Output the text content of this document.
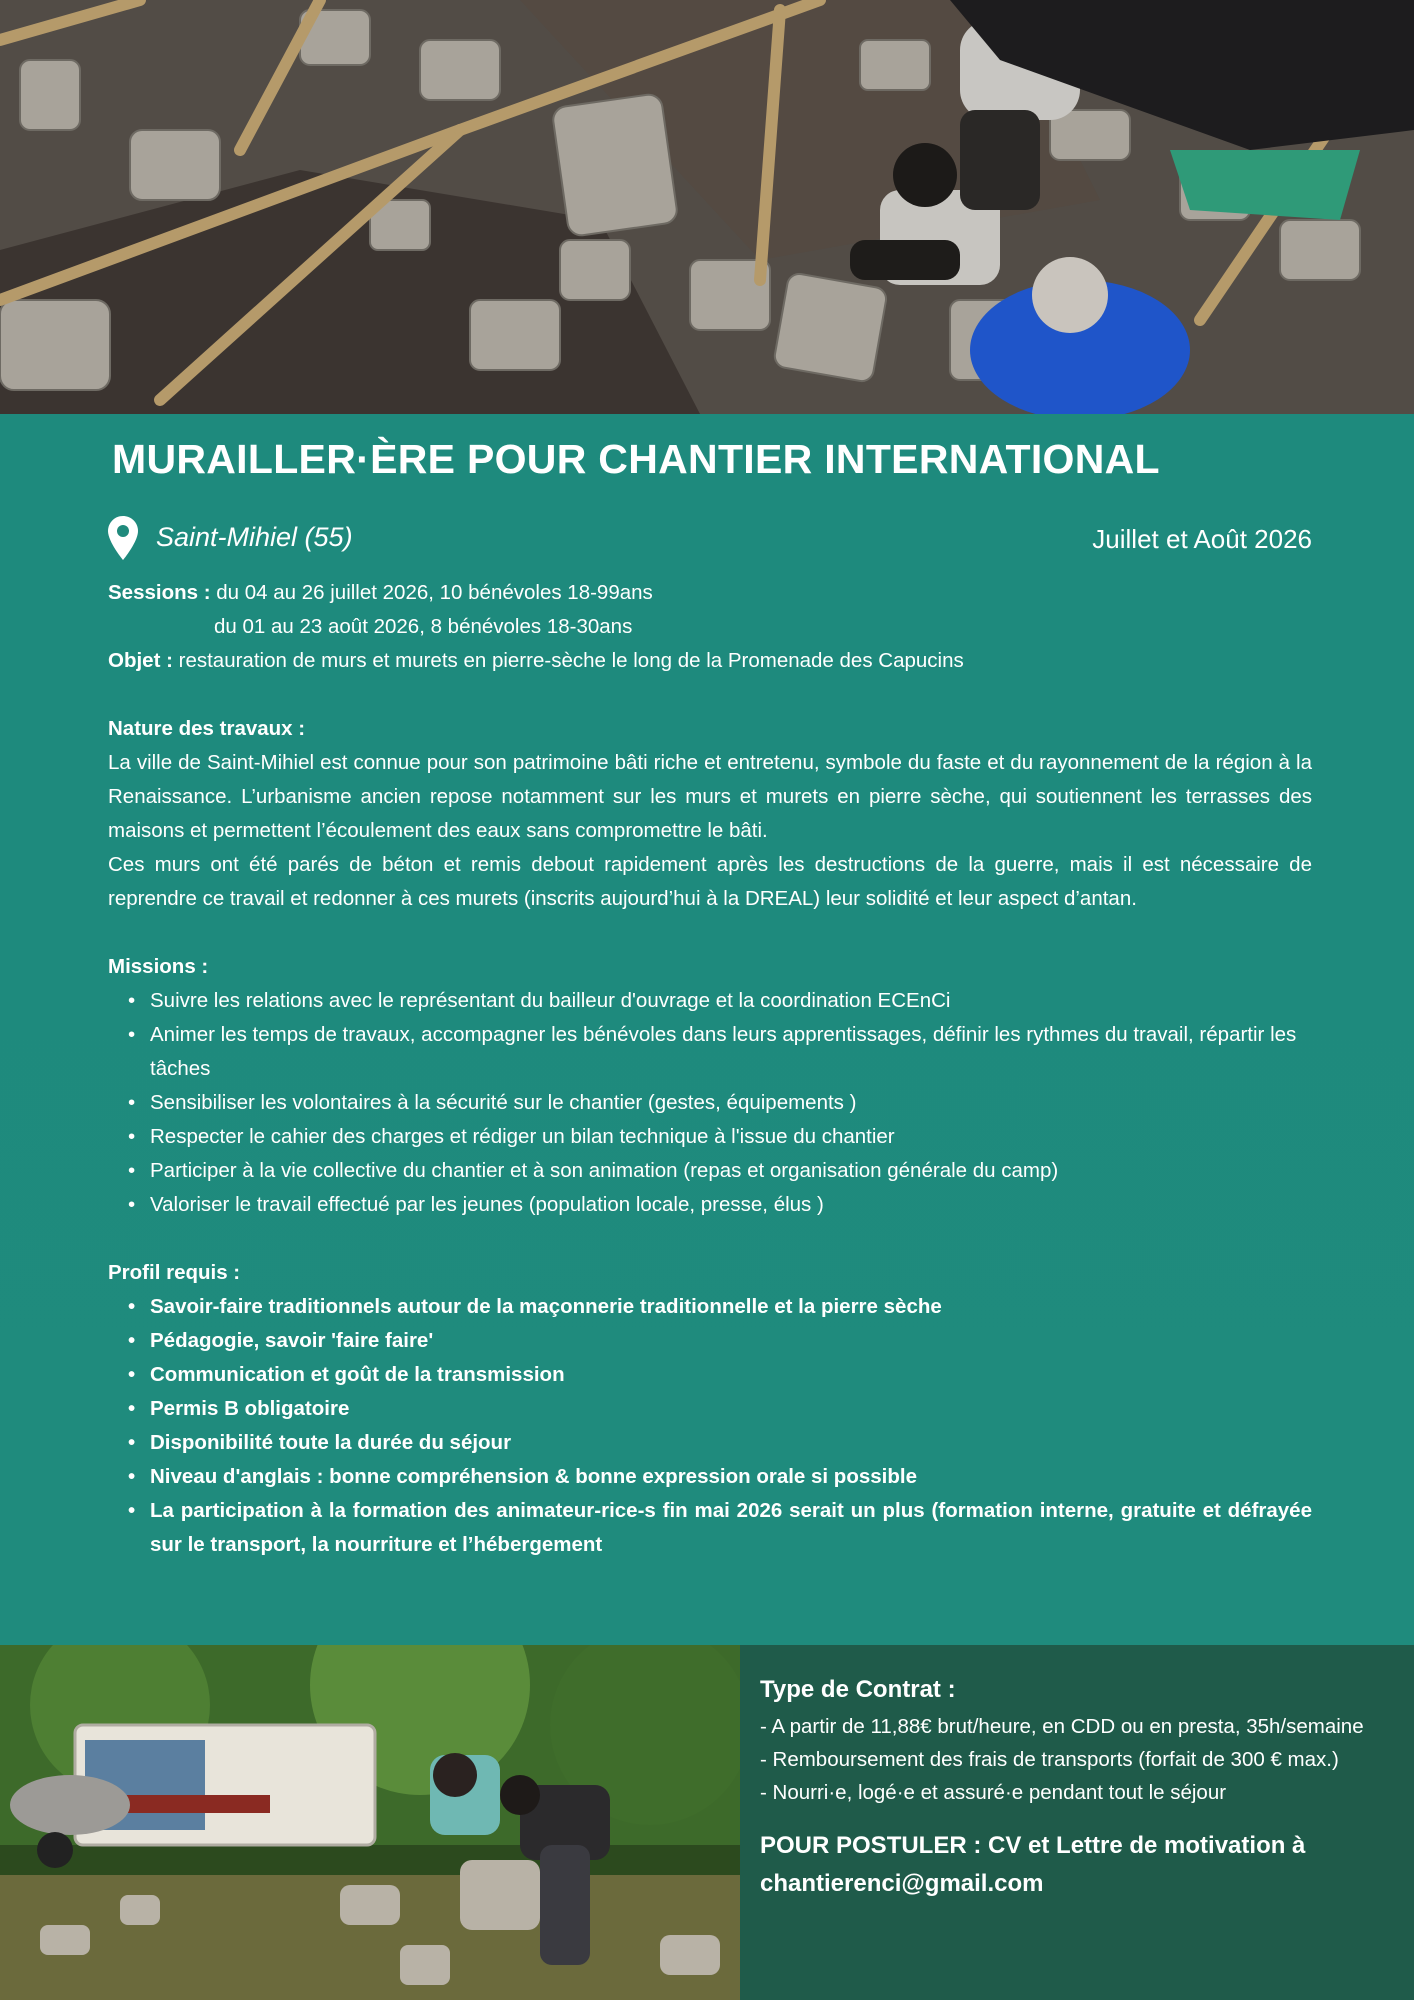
MURAILLER·ÈRE POUR CHANTIER INTERNATIONAL
Saint-Mihiel (55)	Juillet et Août 2026

Sessions : du 04 au 26 juillet 2026, 10 bénévoles 18-99ans

du 01 au 23 août 2026, 8 bénévoles 18-30ans

Objet : restauration de murs et murets en pierre-sèche le long de la Promenade des Capucins

Nature des travaux :

La ville de Saint-Mihiel est connue pour son patrimoine bâti riche et entretenu, symbole du faste et du rayonnement de la région à la Renaissance. L’urbanisme ancien repose notamment sur les murs et murets en pierre sèche, qui soutiennent les terrasses des maisons et permettent l’écoulement des eaux sans compromettre le bâti.

Ces murs ont été parés de béton et remis debout rapidement après les destructions de la guerre, mais il est nécessaire de reprendre ce travail et redonner à ces murets (inscrits aujourd’hui à la DREAL) leur solidité et leur aspect d’antan.

Missions :

• Suivre les relations avec le représentant du bailleur d'ouvrage et la coordination ECEnCi
• Animer les temps de travaux, accompagner les bénévoles dans leurs apprentissages, définir les rythmes du travail, répartir les tâches
• Sensibiliser les volontaires à la sécurité sur le chantier (gestes, équipements )
• Respecter le cahier des charges et rédiger un bilan technique à l'issue du chantier
• Participer à la vie collective du chantier et à son animation (repas et organisation générale du camp)
• Valoriser le travail effectué par les jeunes (population locale, presse, élus )

Profil requis :

• Savoir-faire traditionnels autour de la maçonnerie traditionnelle et la pierre sèche
• Pédagogie, savoir 'faire faire'
• Communication et goût de la transmission
• Permis B obligatoire
• Disponibilité toute la durée du séjour
• Niveau d'anglais : bonne compréhension & bonne expression orale si possible
• La participation à la formation des animateur-rice-s fin mai 2026 serait un plus (formation interne, gratuite et défrayée sur le transport, la nourriture et l’hébergement
Type de Contrat :
- A partir de 11,88€ brut/heure, en CDD ou en presta, 35h/semaine
- Remboursement des frais de transports (forfait de 300 € max.)
- Nourri·e, logé·e et assuré·e pendant tout le séjour
POUR POSTULER : CV et Lettre de motivation à chantierenci@gmail.com
